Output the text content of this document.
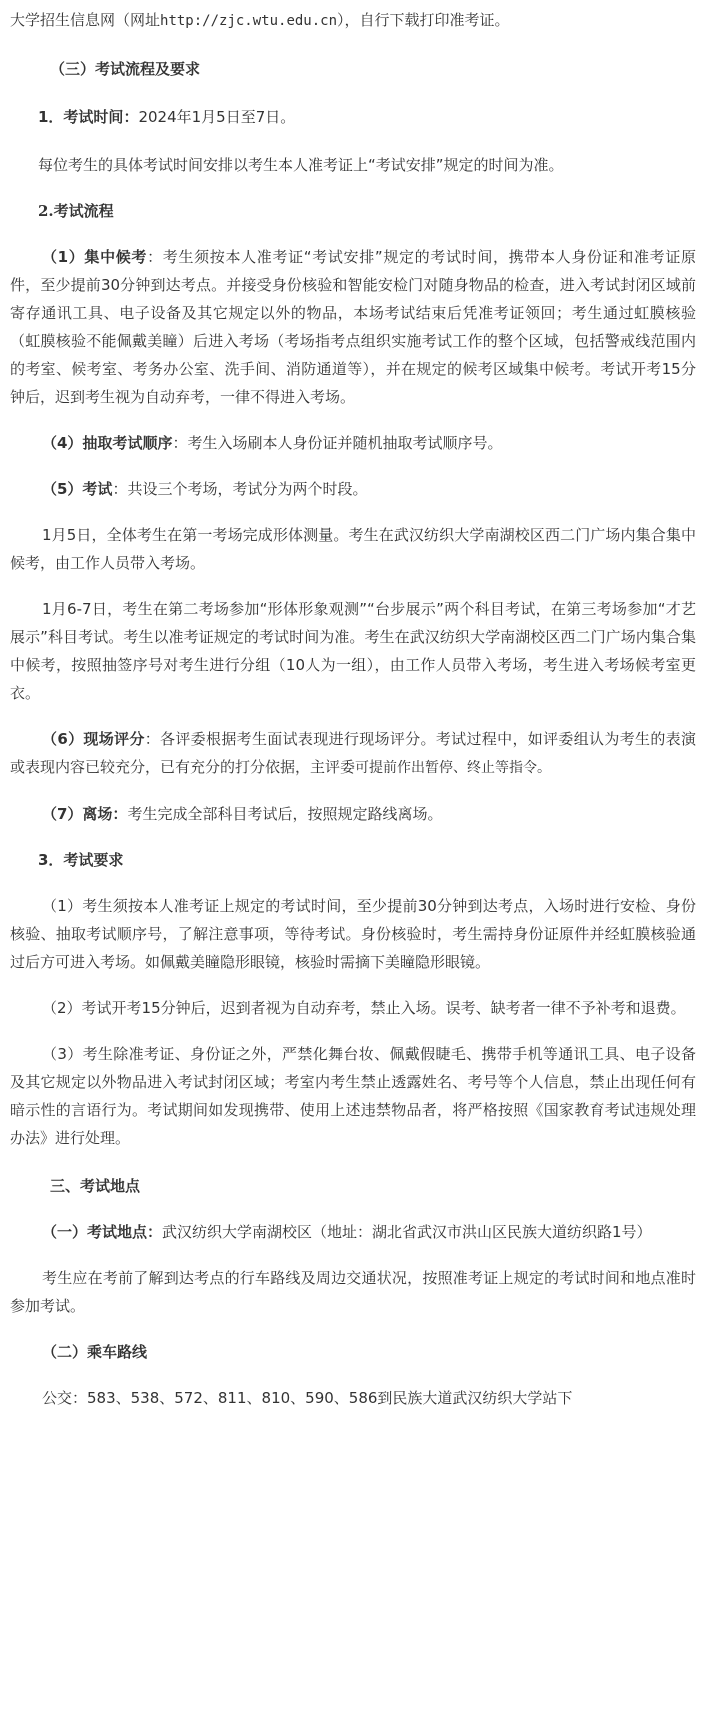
大学招生信息网（网址http://zjc.wtu.edu.cn），自行下载打印准考证。

（三）考试流程及要求

1．考试时间：2024年1月5日至7日。

每位考生的具体考试时间安排以考生本人准考证上“考试安排”规定的时间为准。

2.考试流程

（1）集中候考：考生须按本人准考证“考试安排”规定的考试时间，携带本人身份证和准考证原件，至少提前30分钟到达考点。并接受身份核验和智能安检门对随身物品的检查，进入考试封闭区域前寄存通讯工具、电子设备及其它规定以外的物品，本场考试结束后凭准考证领回；考生通过虹膜核验（虹膜核验不能佩戴美瞳）后进入考场（考场指考点组织实施考试工作的整个区域，包括警戒线范围内的考室、候考室、考务办公室、洗手间、消防通道等），并在规定的候考区域集中候考。考试开考15分钟后，迟到考生视为自动弃考，一律不得进入考场。

（4）抽取考试顺序：考生入场刷本人身份证并随机抽取考试顺序号。

（5）考试：共设三个考场，考试分为两个时段。

1月5日，全体考生在第一考场完成形体测量。考生在武汉纺织大学南湖校区西二门广场内集合集中候考，由工作人员带入考场。

1月6-7日，考生在第二考场参加“形体形象观测”“台步展示”两个科目考试，在第三考场参加“才艺展示”科目考试。考生以准考证规定的考试时间为准。考生在武汉纺织大学南湖校区西二门广场内集合集中候考，按照抽签序号对考生进行分组（10人为一组），由工作人员带入考场，考生进入考场候考室更衣。

（6）现场评分：各评委根据考生面试表现进行现场评分。考试过程中，如评委组认为考生的表演或表现内容已较充分，已有充分的打分依据，主评委可提前作出暂停、终止等指令。

（7）离场：考生完成全部科目考试后，按照规定路线离场。

3．考试要求

（1）考生须按本人准考证上规定的考试时间，至少提前30分钟到达考点，入场时进行安检、身份核验、抽取考试顺序号，了解注意事项，等待考试。身份核验时，考生需持身份证原件并经虹膜核验通过后方可进入考场。如佩戴美瞳隐形眼镜，核验时需摘下美瞳隐形眼镜。

（2）考试开考15分钟后，迟到者视为自动弃考，禁止入场。误考、缺考者一律不予补考和退费。

（3）考生除准考证、身份证之外，严禁化舞台妆、佩戴假睫毛、携带手机等通讯工具、电子设备及其它规定以外物品进入考试封闭区域；考室内考生禁止透露姓名、考号等个人信息，禁止出现任何有暗示性的言语行为。考试期间如发现携带、使用上述违禁物品者，将严格按照《国家教育考试违规处理办法》进行处理。

三、考试地点

（一）考试地点：武汉纺织大学南湖校区（地址：湖北省武汉市洪山区民族大道纺织路1号）

考生应在考前了解到达考点的行车路线及周边交通状况，按照准考证上规定的考试时间和地点准时参加考试。

（二）乘车路线

公交：583、538、572、811、810、590、586到民族大道武汉纺织大学站下
